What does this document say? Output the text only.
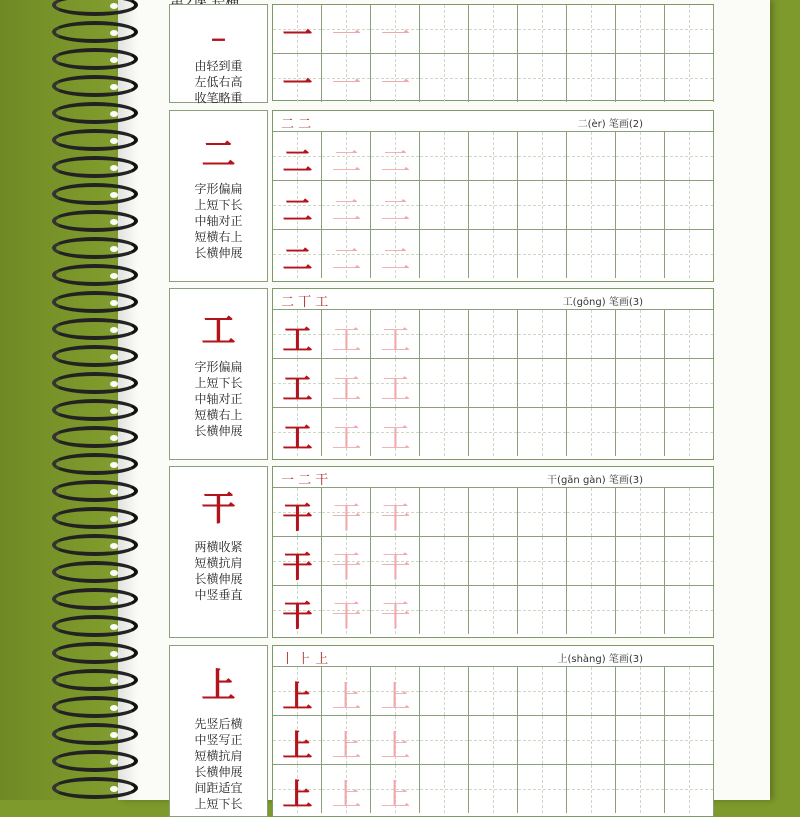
⎯
由轻到重
左低右高
收笔略重
一 一 一
一 一 一
二
字形偏扁
上短下长
中轴对正
短横右上
长横伸展
二 二	二(èr) 笔画(2)
二 二 二
二 二 二
二 二 二
工
字形偏扁
上短下长
中轴对正
短横右上
长横伸展
二 丅 工	工(gōng) 笔画(3)
工 工 工
工 工 工
工 工 工
干
两横收紧
短横抗肩
长横伸展
中竖垂直
一 二 干	干(gān gàn) 笔画(3)
干 干 干
干 干 干
干 干 干
上
先竖后横
中竖写正
短横抗肩
长横伸展
间距适宜
上短下长
丨 ⺊ 上	上(shàng) 笔画(3)
上 上 上
上 上 上
上 上 上
